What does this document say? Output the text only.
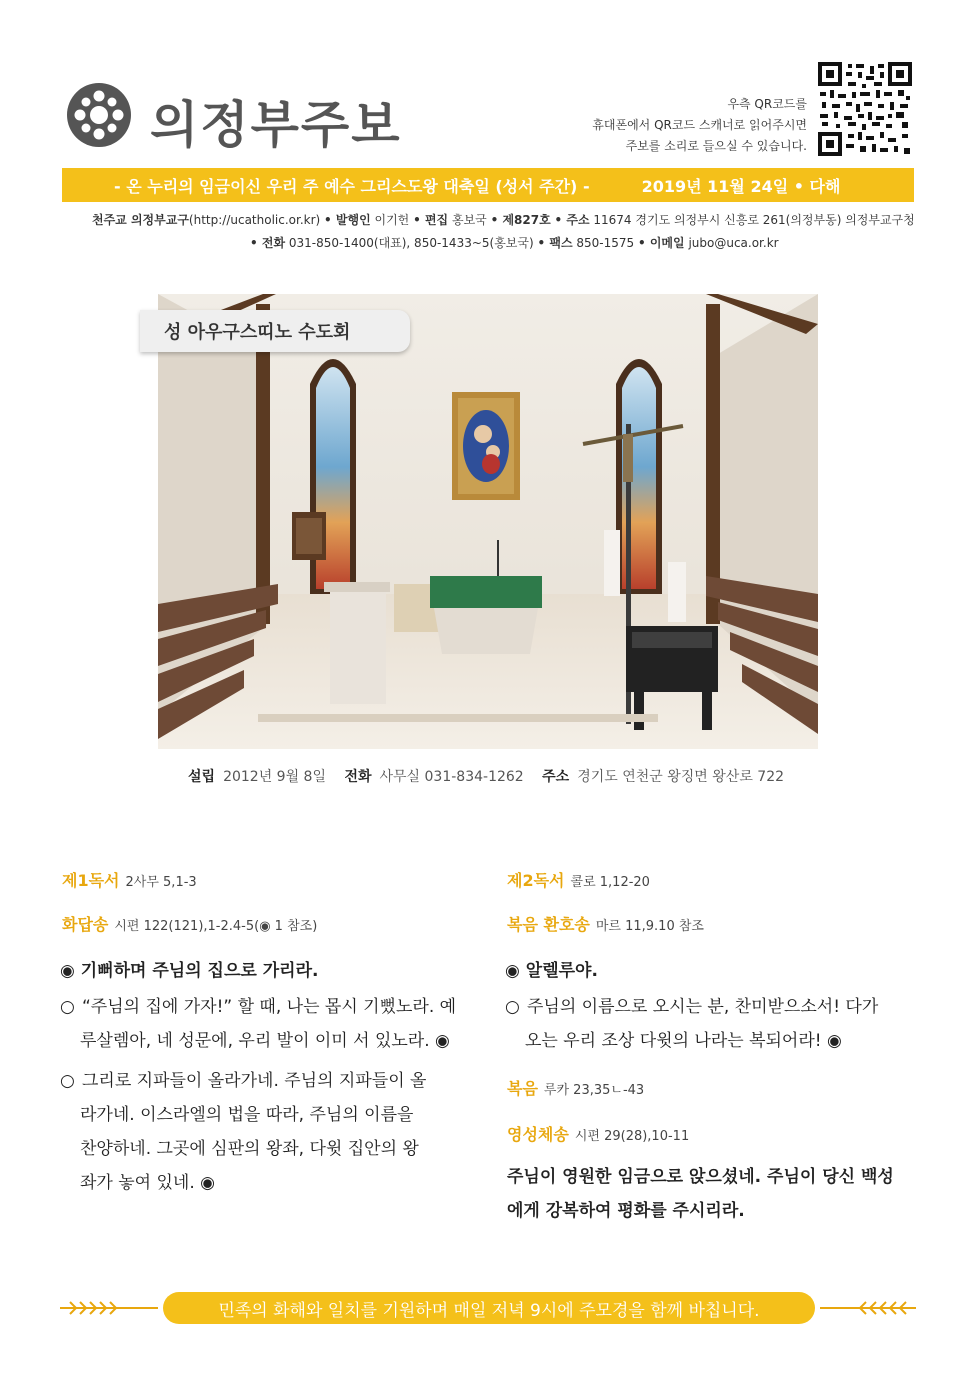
의정부주보	우측 QR코드를
휴대폰에서 QR코드 스캐너로 읽어주시면
주보를 소리로 들으실 수 있습니다.
- 온 누리의 임금이신 우리 주 예수 그리스도왕 대축일 (성서 주간) -	2019년 11월 24일 • 다해
천주교 의정부교구(http://ucatholic.or.kr) • 발행인 이기헌 • 편집 홍보국 • 제827호 • 주소 11674 경기도 의정부시 신흥로 261(의정부동) 의정부교구청
• 전화 031-850-1400(대표), 850-1433~5(홍보국) • 팩스 850-1575 • 이메일 jubo@uca.or.kr
성 아우구스띠노 수도회
설립 2012년 9월 8일 전화 사무실 031-834-1262 주소 경기도 연천군 왕징면 왕산로 722
제1독서 2사무 5,1-3
화답송 시편 122(121),1-2.4-5(◉ 1 참조)
◉ 기뻐하며 주님의 집으로 가리라.
○ “주님의 집에 가자!” 할 때, 나는 몹시 기뻤노라. 예
루살렘아, 네 성문에, 우리 발이 이미 서 있노라. ◉
○ 그리로 지파들이 올라가네. 주님의 지파들이 올
라가네. 이스라엘의 법을 따라, 주님의 이름을
찬양하네. 그곳에 심판의 왕좌, 다윗 집안의 왕
좌가 놓여 있네. ◉
제2독서 콜로 1,12-20
복음 환호송 마르 11,9.10 참조
◉ 알렐루야.
○ 주님의 이름으로 오시는 분, 찬미받으소서! 다가
오는 우리 조상 다윗의 나라는 복되어라! ◉
복음 루카 23,35ㄴ-43
영성체송 시편 29(28),10-11
주님이 영원한 임금으로 앉으셨네. 주님이 당신 백성
에게 강복하여 평화를 주시리라.
민족의 화해와 일치를 기원하며 매일 저녁 9시에 주모경을 함께 바칩니다.
